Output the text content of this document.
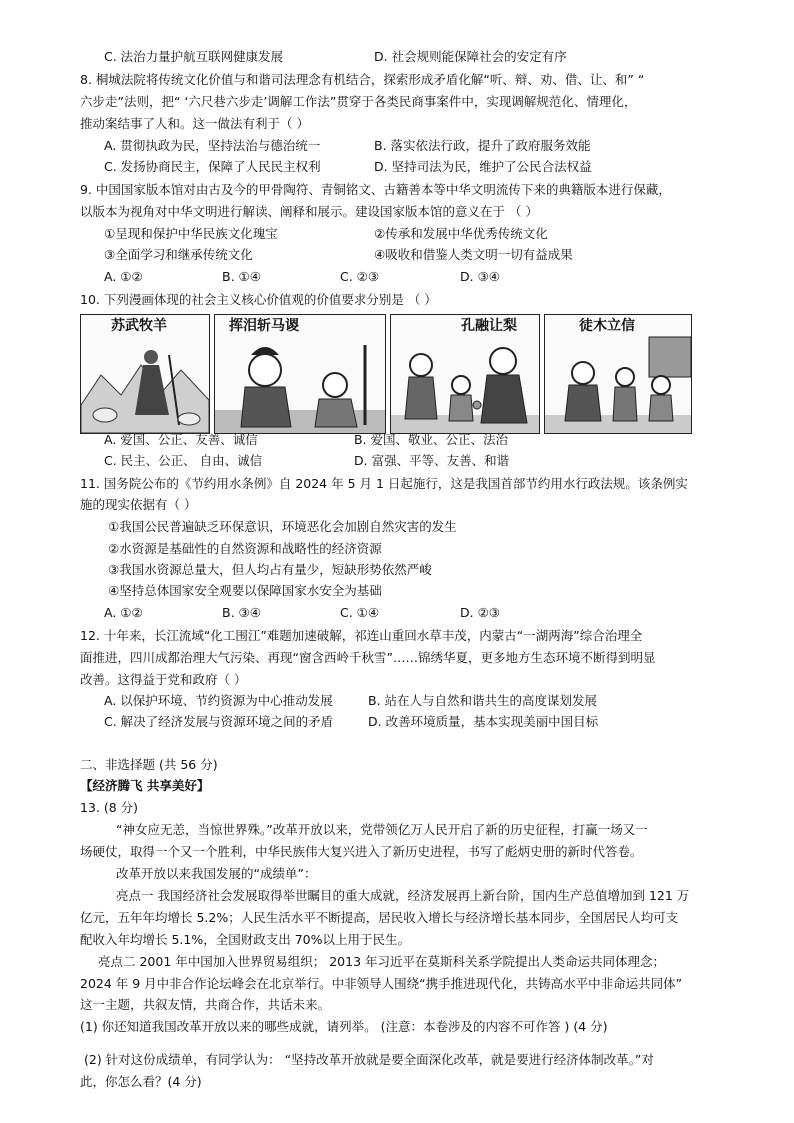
苏武牧羊	挥泪斩马谡	孔融让梨	徒木立信
C. 法治力量护航互联网健康发展	D. 社会规则能保障社会的安定有序
8. 桐城法院将传统文化价值与和谐司法理念有机结合，探索形成矛盾化解“听、辩、劝、借、让、和” “
六步走”法则，把“ ‘六尺巷六步走’调解工作法”贯穿于各类民商事案件中，实现调解规范化、情理化，
推动案结事了人和。这一做法有利于（ ）
A. 贯彻执政为民，坚持法治与德治统一	B. 落实依法行政，提升了政府服务效能
C. 发扬协商民主，保障了人民民主权利	D. 坚持司法为民，维护了公民合法权益
9. 中国国家版本馆对由古及今的甲骨陶符、青铜铭文、古籍善本等中华文明流传下来的典籍版本进行保藏，
以版本为视角对中华文明进行解读、阐释和展示。建设国家版本馆的意义在于 （ ）
①呈现和保护中华民族文化瑰宝	②传承和发展中华优秀传统文化
③全面学习和继承传统文化	④吸收和借鉴人类文明一切有益成果
10. 下列漫画体现的社会主义核心价值观的价值要求分别是 （ ）
A. 爱国、公正、友善、诚信	B. 爱国、敬业、公正、法治
C. 民主、公正、 自由、诚信	D. 富强、平等、友善、和谐
11. 国务院公布的《节约用水条例》自 2024 年 5 月 1 日起施行，这是我国首部节约用水行政法规。该条例实
施的现实依据有（ ）
①我国公民普遍缺乏环保意识，环境恶化会加剧自然灾害的发生
②水资源是基础性的自然资源和战略性的经济资源
③我国水资源总量大，但人均占有量少，短缺形势依然严峻
④坚持总体国家安全观要以保障国家水安全为基础
12. 十年来，长江流域“化工围江”难题加速破解，祁连山重回水草丰茂，内蒙古“一湖两海”综合治理全
面推进，四川成都治理大气污染、再现“窗含西岭千秋雪”……锦绣华夏，更多地方生态环境不断得到明显
改善。这得益于党和政府（ ）
A. 以保护环境、节约资源为中心推动发展	B. 站在人与自然和谐共生的高度谋划发展
C. 解决了经济发展与资源环境之间的矛盾	D. 改善环境质量，基本实现美丽中国目标
二、非选择题 (共 56 分)
【经济腾飞 共享美好】
13. (8 分)
“神女应无恙，当惊世界殊。”改革开放以来，党带领亿万人民开启了新的历史征程，打赢一场又一
场硬仗，取得一个又一个胜利，中华民族伟大复兴进入了新历史进程，书写了彪炳史册的新时代答卷。
改革开放以来我国发展的“成绩单”：
亮点一 我国经济社会发展取得举世瞩目的重大成就，经济发展再上新台阶，国内生产总值增加到 121 万
亿元，五年年均增长 5.2%；人民生活水平不断提高，居民收入增长与经济增长基本同步，全国居民人均可支
配收入年均增长 5.1%，全国财政支出 70%以上用于民生。
亮点二 2001 年中国加入世界贸易组织； 2013 年习近平在莫斯科关系学院提出人类命运共同体理念；
2024 年 9 月中非合作论坛峰会在北京举行。中非领导人围绕“携手推进现代化，共铸高水平中非命运共同体”
这一主题，共叙友情，共商合作，共话未来。
(1) 你还知道我国改革开放以来的哪些成就，请列举。 (注意：本卷涉及的内容不可作答 ) (4 分)
(2) 针对这份成绩单，有同学认为： “坚持改革开放就是要全面深化改革，就是要进行经济体制改革。”对
此，你怎么看？(4 分)
A. ①②	B. ①④	C. ②③	D. ③④
A. ①②	B. ③④	C. ①④	D. ②③
